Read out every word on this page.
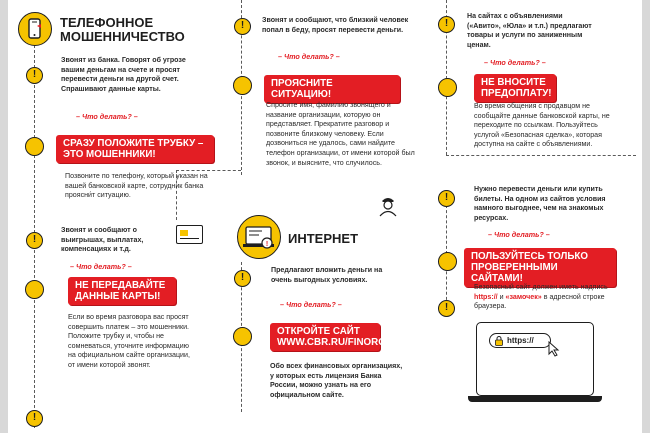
ТЕЛЕФОННОЕ
МОШЕННИЧЕСТВО
!
Звонят из банка. Говорят об угрозе вашим деньгам на счете и просят перевести деньги на другой счет. Спрашивают данные карты.
– Что делать? –
СРАЗУ ПОЛОЖИТЕ ТРУБКУ –
ЭТО МОШЕННИКИ!
Позвоните по телефону, который указан на вашей банковской карте, сотрудник банка проясни́т ситуацию.
!
Звонят и сообщают о выигрышах, выплатах, компенсациях и т.д.
– Что делать? –
НЕ ПЕРЕДАВАЙТЕ
ДАННЫЕ КАРТЫ!
Если во время разговора вас просят совершить платеж – это мошенники. Положите трубку и, чтобы не сомневаться, уточните информацию на официальном сайте организации, от имени которой звонят.
!
!	Звонят и сообщают, что близкий человек попал в беду, просят перевести деньги.
– Что делать? –
ПРОЯСНИТЕ СИТУАЦИЮ!
Спросите имя, фамилию звонящего и название организации, которую он представляет. Прекратите разговор и позвоните близкому человеку. Если дозвониться не удалось, сами найдите телефон организации, от имени которой был звонок, и выясните, что случилось.
! ИНТЕРНЕТ
!
Предлагают вложить деньги на очень выгодных условиях.
– Что делать? –
ОТКРОЙТЕ САЙТ
WWW.CBR.RU/FINORG
Обо всех финансовых организациях, у которых есть лицензия Банка России, можно узнать на его официальном сайте.
!
На сайтах с объявлениями («Авито», «Юла» и т.п.) предлагают товары и услуги по заниженным ценам.
– Что делать? –
НЕ ВНОСИТЕ
ПРЕДОПЛАТУ!
Во время общения с продавцом не сообщайте данные банковской карты, не переходите по ссылкам. Пользуйтесь услугой «Безопасная сделка», которая доступна на сайте с объявлениями.
!
Нужно перевести деньги или купить билеты. На одном из сайтов условия намного выгоднее, чем на знакомых ресурсах.
– Что делать? –
ПОЛЬЗУЙТЕСЬ ТОЛЬКО
ПРОВЕРЕННЫМИ САЙТАМИ!
Безопасный сайт должен иметь надпись https:// и «замочек» в адресной строке браузера.
!
https://
